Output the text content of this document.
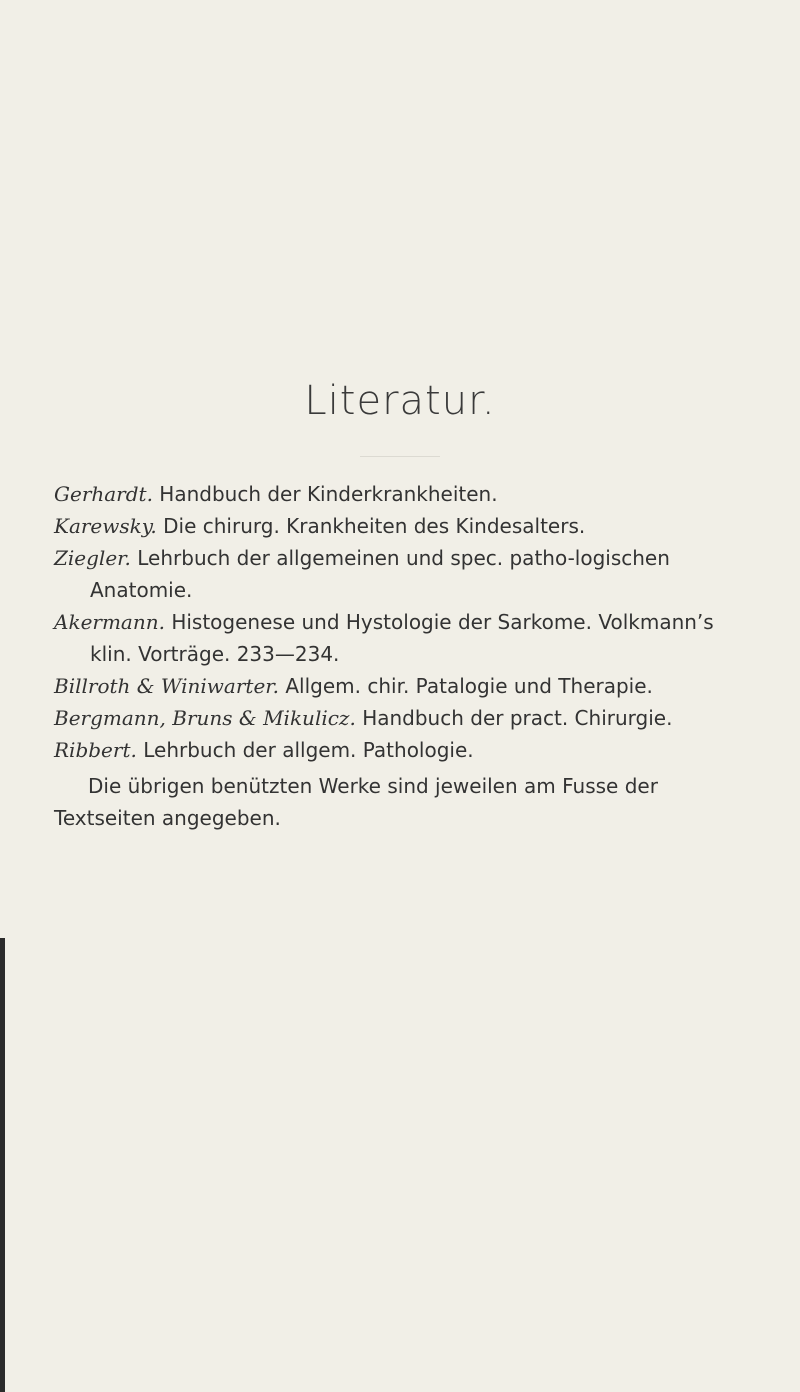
Literatur.
Gerhardt. Handbuch der Kinderkrankheiten.
Karewsky. Die chirurg. Krankheiten des Kindesalters.
Ziegler. Lehrbuch der allgemeinen und spec. patho-logischen Anatomie.
Akermann. Histogenese und Hystologie der Sarkome. Volkmann’s klin. Vorträge. 233—234.
Billroth & Winiwarter. Allgem. chir. Patalogie und Therapie.
Bergmann, Bruns & Mikulicz. Handbuch der pract. Chirurgie.
Ribbert. Lehrbuch der allgem. Pathologie.

Die übrigen benützten Werke sind jeweilen am Fusse der Textseiten angegeben.
